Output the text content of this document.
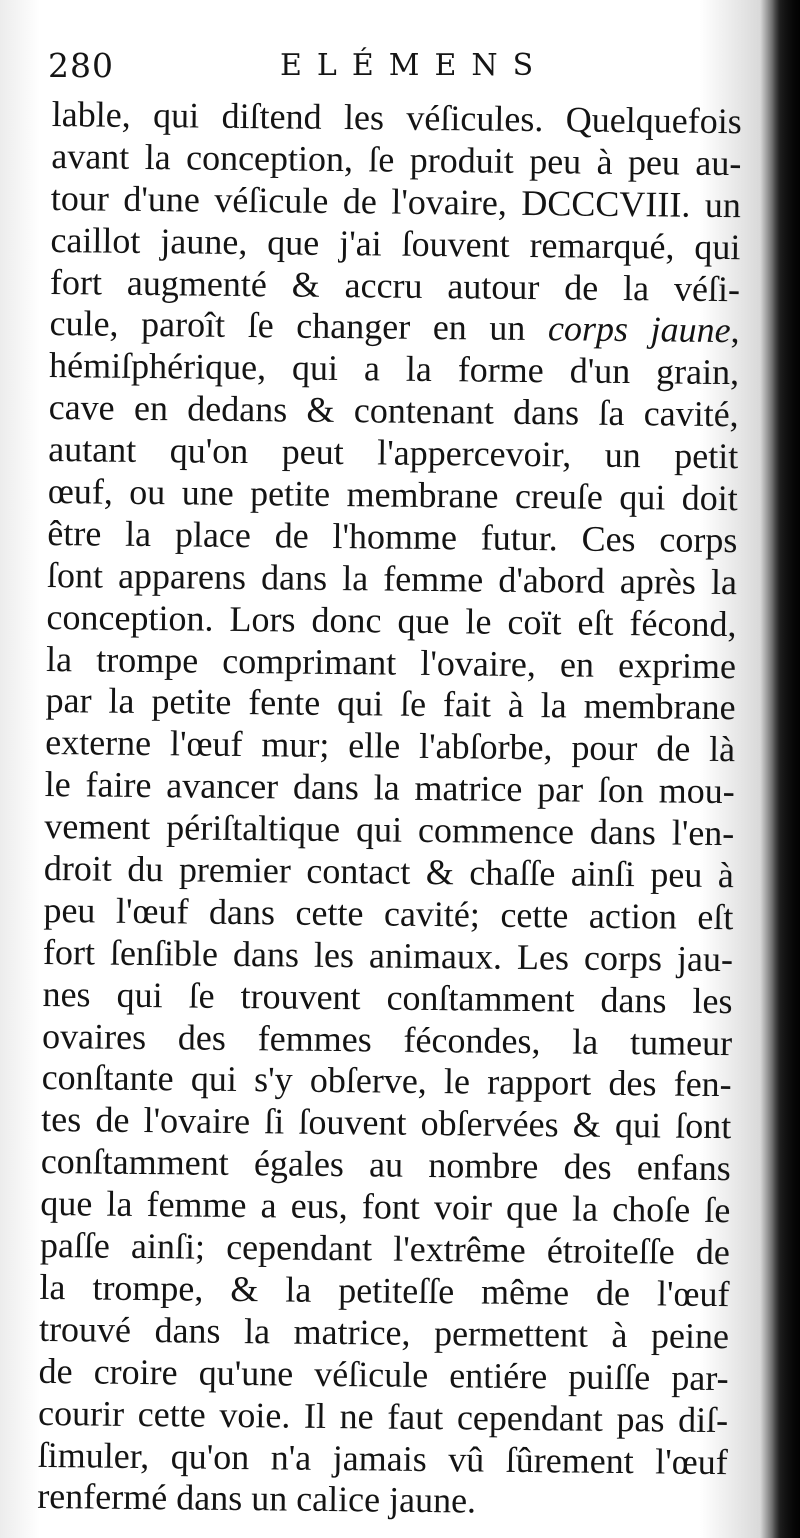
280	ELÉMENS
lable, qui diſtend les véſicules. Quelquefois
avant la conception, ſe produit peu à peu au-
tour d'une véſicule de l'ovaire, DCCCVIII. un
caillot jaune, que j'ai ſouvent remarqué, qui
fort augmenté & accru autour de la véſi-
cule, paroît ſe changer en un corps jaune,
hémiſphérique, qui a la forme d'un grain,
cave en dedans & contenant dans ſa cavité,
autant qu'on peut l'appercevoir, un petit
œuf, ou une petite membrane creuſe qui doit
être la place de l'homme futur. Ces corps
ſont apparens dans la femme d'abord après la
conception. Lors donc que le coït eſt fécond,
la trompe comprimant l'ovaire, en exprime
par la petite fente qui ſe fait à la membrane
externe l'œuf mur; elle l'abſorbe, pour de là
le faire avancer dans la matrice par ſon mou-
vement périſtaltique qui commence dans l'en-
droit du premier contact & chaſſe ainſi peu à
peu l'œuf dans cette cavité; cette action eſt
fort ſenſible dans les animaux. Les corps jau-
nes qui ſe trouvent conſtamment dans les
ovaires des femmes fécondes, la tumeur
conſtante qui s'y obſerve, le rapport des fen-
tes de l'ovaire ſi ſouvent obſervées & qui ſont
conſtamment égales au nombre des enfans
que la femme a eus, font voir que la choſe ſe
paſſe ainſi; cependant l'extrême étroiteſſe de
la trompe, & la petiteſſe même de l'œuf
trouvé dans la matrice, permettent à peine
de croire qu'une véſicule entiére puiſſe par-
courir cette voie. Il ne faut cependant pas diſ-
ſimuler, qu'on n'a jamais vû ſûrement l'œuf
renfermé dans un calice jaune.
